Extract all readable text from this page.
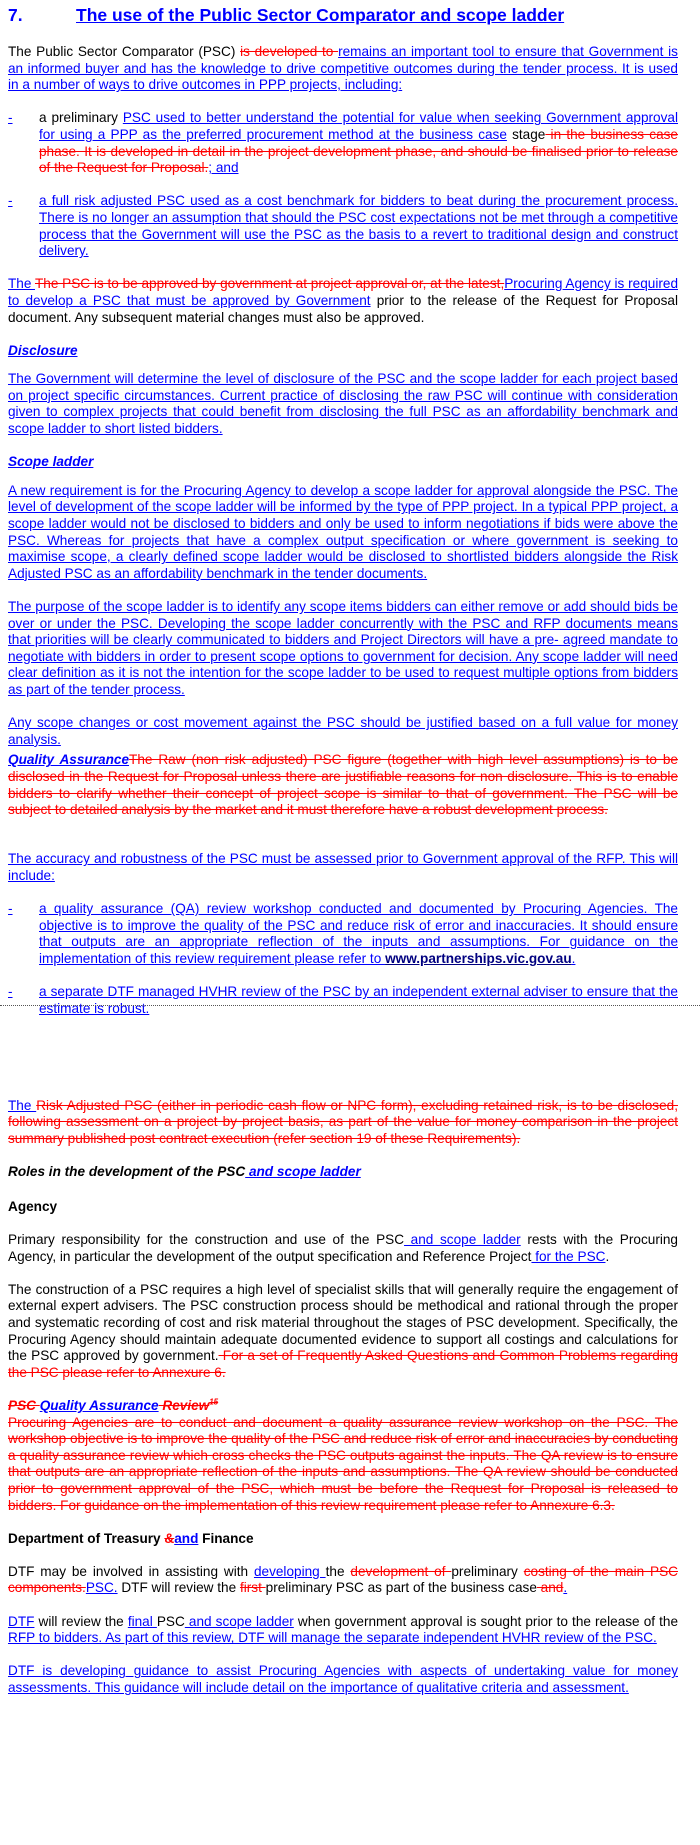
7.	The use of the Public Sector Comparator and scope ladder

The Public Sector Comparator (PSC) is developed to remains an important tool to ensure that Government is an informed buyer and has the knowledge to drive competitive outcomes during the tender process. It is used in a number of ways to drive outcomes in PPP projects, including:

-	a preliminary PSC used to better understand the potential for value when seeking Government approval for using a PPP as the preferred procurement method at the business case stage in the business case phase. It is developed in detail in the project development phase, and should be finalised prior to release of the Request for Proposal.; and
-	a full risk adjusted PSC used as a cost benchmark for bidders to beat during the procurement process. There is no longer an assumption that should the PSC cost expectations not be met through a competitive process that the Government will use the PSC as the basis to a revert to traditional design and construct delivery.

The The PSC is to be approved by government at project approval or, at the latest,Procuring Agency is required to develop a PSC that must be approved by Government prior to the release of the Request for Proposal document. Any subsequent material changes must also be approved.

Disclosure

The Government will determine the level of disclosure of the PSC and the scope ladder for each project based on project specific circumstances. Current practice of disclosing the raw PSC will continue with consideration given to complex projects that could benefit from disclosing the full PSC as an affordability benchmark and scope ladder to short listed bidders.

Scope ladder

A new requirement is for the Procuring Agency to develop a scope ladder for approval alongside the PSC. The level of development of the scope ladder will be informed by the type of PPP project. In a typical PPP project, a scope ladder would not be disclosed to bidders and only be used to inform negotiations if bids were above the PSC. Whereas for projects that have a complex output specification or where government is seeking to maximise scope, a clearly defined scope ladder would be disclosed to shortlisted bidders alongside the Risk Adjusted PSC as an affordability benchmark in the tender documents.

The purpose of the scope ladder is to identify any scope items bidders can either remove or add should bids be over or under the PSC. Developing the scope ladder concurrently with the PSC and RFP documents means that priorities will be clearly communicated to bidders and Project Directors will have a pre- agreed mandate to negotiate with bidders in order to present scope options to government for decision. Any scope ladder will need clear definition as it is not the intention for the scope ladder to be used to request multiple options from bidders as part of the tender process.

Any scope changes or cost movement against the PSC should be justified based on a full value for money analysis.

Quality AssuranceThe Raw (non risk adjusted) PSC figure (together with high level assumptions) is to be disclosed in the Request for Proposal unless there are justifiable reasons for non disclosure. This is to enable bidders to clarify whether their concept of project scope is similar to that of government. The PSC will be subject to detailed analysis by the market and it must therefore have a robust development process.

The accuracy and robustness of the PSC must be assessed prior to Government approval of the RFP. This will include:

-	a quality assurance (QA) review workshop conducted and documented by Procuring Agencies. The objective is to improve the quality of the PSC and reduce risk of error and inaccuracies. It should ensure that outputs are an appropriate reflection of the inputs and assumptions. For guidance on the implementation of this review requirement please refer to www.partnerships.vic.gov.au.
-	a separate DTF managed HVHR review of the PSC by an independent external adviser to ensure that the estimate is robust.

The Risk Adjusted PSC (either in periodic cash flow or NPC form), excluding retained risk, is to be disclosed, following assessment on a project by project basis, as part of the value for money comparison in the project summary published post contract execution (refer section 19 of these Requirements).

Roles in the development of the PSC and scope ladder
Agency

Primary responsibility for the construction and use of the PSC and scope ladder rests with the Procuring Agency, in particular the development of the output specification and Reference Project for the PSC.

The construction of a PSC requires a high level of specialist skills that will generally require the engagement of external expert advisers. The PSC construction process should be methodical and rational through the proper and systematic recording of cost and risk material throughout the stages of PSC development. Specifically, the Procuring Agency should maintain adequate documented evidence to support all costings and calculations for the PSC approved by government. For a set of Frequently Asked Questions and Common Problems regarding the PSC please refer to Annexure 6.

PSC Quality Assurance Review$^{15}$

Procuring Agencies are to conduct and document a quality assurance review workshop on the PSC. The workshop objective is to improve the quality of the PSC and reduce risk of error and inaccuracies by conducting a quality assurance review which cross checks the PSC outputs against the inputs. The QA review is to ensure that outputs are an appropriate reflection of the inputs and assumptions. The QA review should be conducted prior to government approval of the PSC, which must be before the Request for Proposal is released to bidders. For guidance on the implementation of this review requirement please refer to Annexure 6.3.

Department of Treasury &and Finance

DTF may be involved in assisting with developing the development of preliminary costing of the main PSC components.PSC. DTF will review the first preliminary PSC as part of the business case and.

DTF will review the final PSC and scope ladder when government approval is sought prior to the release of the RFP to bidders. As part of this review, DTF will manage the separate independent HVHR review of the PSC.

DTF is developing guidance to assist Procuring Agencies with aspects of undertaking value for money assessments. This guidance will include detail on the importance of qualitative criteria and assessment.
